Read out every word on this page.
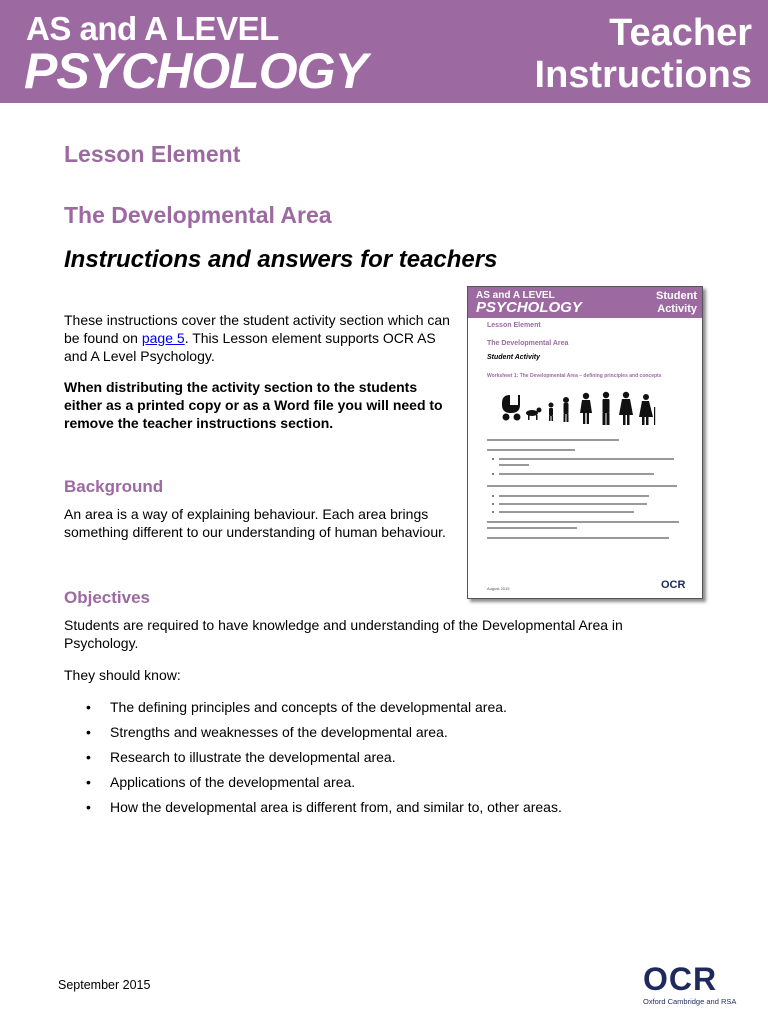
AS and A LEVEL
PSYCHOLOGY
Teacher
Instructions
Lesson Element
The Developmental Area
Instructions and answers for teachers
These instructions cover the student activity section which can be found on page 5. This Lesson element supports OCR AS and A Level Psychology.
When distributing the activity section to the students either as a printed copy or as a Word file you will need to remove the teacher instructions section.
Background
An area is a way of explaining behaviour. Each area brings something different to our understanding of human behaviour.
Objectives
Students are required to have knowledge and understanding of the Developmental Area in Psychology.
They should know:
• The defining principles and concepts of the developmental area.
• Strengths and weaknesses of the developmental area.
• Research to illustrate the developmental area.
• Applications of the developmental area.
• How the developmental area is different from, and similar to, other areas.
AS and A LEVEL
PSYCHOLOGY
Student
Activity
Lesson Element
The Developmental Area
Student Activity
Worksheet 1: The Developmental Area – defining principles and concepts
August 2015	OCR
September 2015	OCR
Oxford Cambridge and RSA
